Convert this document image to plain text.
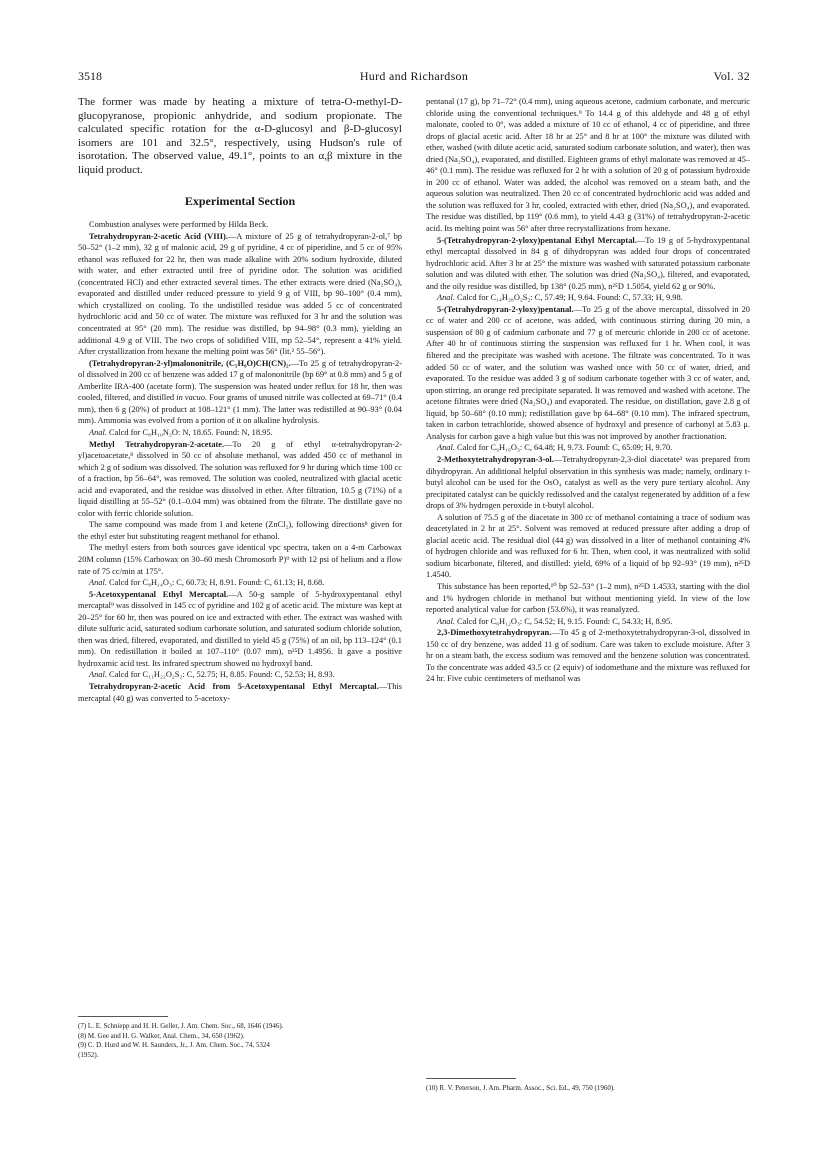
3518	Hurd and Richardson	Vol. 32

The former was made by heating a mixture of tetra-O-methyl-D-glucopyranose, propionic anhydride, and sodium propionate. The calculated specific rotation for the α-D-glucosyl and β-D-glucosyl isomers are 101 and 32.5°, respectively, using Hudson's rule of isorotation. The observed value, 49.1°, points to an α,β mixture in the liquid product.

Experimental Section

Combustion analyses were performed by Hilda Beck.

Tetrahydropyran-2-acetic Acid (VIII).—A mixture of 25 g of tetrahydropyran-2-ol,⁷ bp 50–52° (1–2 mm), 32 g of malonic acid, 29 g of pyridine, 4 cc of piperidine, and 5 cc of 95% ethanol was refluxed for 22 hr, then was made alkaline with 20% sodium hydroxide, diluted with water, and ether extracted until free of pyridine odor. The solution was acidified (concentrated HCl) and ether extracted several times. The ether extracts were dried (Na₂SO₄), evaporated and distilled under reduced pressure to yield 9 g of VIII, bp 90–100° (0.4 mm), which crystallized on cooling. To the undistilled residue was added 5 cc of concentrated hydrochloric acid and 50 cc of water. The mixture was refluxed for 3 hr and the solution was concentrated at 95° (20 mm). The residue was distilled, bp 94–98° (0.3 mm), yielding an additional 4.9 g of VIII. The two crops of solidified VIII, mp 52–54°, represent a 41% yield. After crystallization from hexane the melting point was 56° (lit.² 55–56°).

(Tetrahydropyran-2-yl)malononitrile, (C₅H₉O)CH(CN)₂.—To 25 g of tetrahydropyran-2-ol dissolved in 200 cc of benzene was added 17 g of malononitrile (bp 69° at 0.8 mm) and 5 g of Amberlite IRA-400 (acetate form). The suspension was heated under reflux for 18 hr, then was cooled, filtered, and distilled in vacuo. Four grams of unused nitrile was collected at 69–71° (0.4 mm), then 6 g (20%) of product at 108–121° (1 mm). The latter was redistilled at 90–93° (0.04 mm). Ammonia was evolved from a portion of it on alkaline hydrolysis.

Anal. Calcd for C₈H₁₀N₂O: N, 18.65. Found: N, 18.95.

Methyl Tetrahydropyran-2-acetate.—To 20 g of ethyl α-tetrahydropyran-2-yl)acetoacetate,⁸ dissolved in 50 cc of absolute methanol, was added 450 cc of methanol in which 2 g of sodium was dissolved. The solution was refluxed for 9 hr during which time 100 cc of a fraction, bp 56–64°, was removed. The solution was cooled, neutralized with glacial acetic acid and evaporated, and the residue was dissolved in ether. After filtration, 10.5 g (71%) of a liquid distilling at 55–52° (0.1–0.04 mm) was obtained from the filtrate. The distillate gave no color with ferric chloride solution.

The same compound was made from I and ketene (ZnCl₂), following directions⁸ given for the ethyl ester but substituting reagent methanol for ethanol.

The methyl esters from both sources gave identical vpc spectra, taken on a 4-m Carbowax 20M column (15% Carbowax on 30–60 mesh Chromosorb P)⁹ with 12 psi of helium and a flow rate of 75 cc/min at 175°.

Anal. Calcd for C₈H₁₄O₃: C, 60.73; H, 8.91. Found: C, 61.13; H, 8.68.

5-Acetoxypentanal Ethyl Mercaptal.—A 50-g sample of 5-hydroxypentanal ethyl mercaptal⁹ was dissolved in 145 cc of pyridine and 102 g of acetic acid. The mixture was kept at 20–25° for 60 hr, then was poured on ice and extracted with ether. The extract was washed with dilute sulfuric acid, saturated sodium carbonate solution, and saturated sodium chloride solution, then was dried, filtered, evaporated, and distilled to yield 45 g (75%) of an oil, bp 113–124° (0.1 mm). On redistillation it boiled at 107–110° (0.07 mm), n²⁵D 1.4956. It gave a positive hydroxamic acid test. Its infrared spectrum showed no hydroxyl band.

Anal. Calcd for C₁₁H₂₂O₂S₂: C, 52.75; H, 8.85. Found: C, 52.53; H, 8.93.

Tetrahydropyran-2-acetic Acid from 5-Acetoxypentanal Ethyl Mercaptal.—This mercaptal (40 g) was converted to 5-acetoxy-

pentanal (17 g), bp 71–72° (0.4 mm), using aqueous acetone, cadmium carbonate, and mercuric chloride using the conventional techniques.⁹ To 14.4 g of this aldehyde and 48 g of ethyl malonate, cooled to 0°, was added a mixture of 10 cc of ethanol, 4 cc of piperidine, and three drops of glacial acetic acid. After 18 hr at 25° and 8 hr at 100° the mixture was diluted with ether, washed (with dilute acetic acid, saturated sodium carbonate solution, and water), then was dried (Na₂SO₄), evaporated, and distilled. Eighteen grams of ethyl malonate was removed at 45–46° (0.1 mm). The residue was refluxed for 2 hr with a solution of 20 g of potassium hydroxide in 200 cc of ethanol. Water was added, the alcohol was removed on a steam bath, and the aqueous solution was neutralized. Then 20 cc of concentrated hydrochloric acid was added and the solution was refluxed for 3 hr, cooled, extracted with ether, dried (Na₂SO₄), and evaporated. The residue was distilled, bp 119° (0.6 mm), to yield 4.43 g (31%) of tetrahydropyran-2-acetic acid. Its melting point was 56° after three recrystallizations from hexane.

5-(Tetrahydropyran-2-yloxy)pentanal Ethyl Mercaptal.—To 19 g of 5-hydroxypentanal ethyl mercaptal dissolved in 84 g of dihydropyran was added four drops of concentrated hydrochloric acid. After 3 hr at 25° the mixture was washed with saturated potassium carbonate solution and was diluted with ether. The solution was dried (Na₂SO₄), filtered, and evaporated, and the oily residue was distilled, bp 138° (0.25 mm), n²⁵D 1.5054, yield 62 g or 90%.

Anal. Calcd for C₁₄H₂₈O₂S₂: C, 57.49; H, 9.64. Found: C, 57.33; H, 9.98.

5-(Tetrahydropyran-2-yloxy)pentanal.—To 25 g of the above mercaptal, dissolved in 20 cc of water and 200 cc of acetone, was added, with continuous stirring during 20 min, a suspension of 80 g of cadmium carbonate and 77 g of mercuric chloride in 200 cc of acetone. After 40 hr of continuous stirring the suspension was refluxed for 1 hr. When cool, it was filtered and the precipitate was washed with acetone. The filtrate was concentrated. To it was added 50 cc of water, and the solution was washed once with 50 cc of water, dried, and evaporated. To the residue was added 3 g of sodium carbonate together with 3 cc of water, and, upon stirring, an orange red precipitate separated. It was removed and washed with acetone. The acetone filtrates were dried (Na₂SO₄) and evaporated. The residue, on distillation, gave 2.8 g of liquid, bp 50–68° (0.10 mm); redistillation gave bp 64–68° (0.10 mm). The infrared spectrum, taken in carbon tetrachloride, showed absence of hydroxyl and presence of carbonyl at 5.83 μ. Analysis for carbon gave a high value but this was not improved by another fractionation.

Anal. Calcd for C₉H₁₆O₃: C, 64.48; H, 9.73. Found: C, 65.09; H, 9.70.

2-Methoxytetrahydropyran-3-ol.—Tetrahydropyran-2,3-diol diacetate³ was prepared from dihydropyran. An additional helpful observation in this synthesis was made; namely, ordinary t-butyl alcohol can be used for the OsO₄ catalyst as well as the very pure tertiary alcohol. Any precipitated catalyst can be quickly redissolved and the catalyst regenerated by addition of a few drops of 3% hydrogen peroxide in t-butyl alcohol.

A solution of 75.5 g of the diacetate in 300 cc of methanol containing a trace of sodium was deacetylated in 2 hr at 25°. Solvent was removed at reduced pressure after adding a drop of glacial acetic acid. The residual diol (44 g) was dissolved in a liter of methanol containing 4% of hydrogen chloride and was refluxed for 6 hr. Then, when cool, it was neutralized with solid sodium bicarbonate, filtered, and distilled: yield, 69% of a liquid of bp 92–93° (19 mm), n²⁵D 1.4540.

This substance has been reported,¹⁰ bp 52–53° (1–2 mm), n²⁵D 1.4533, starting with the diol and 1% hydrogen chloride in methanol but without mentioning yield. In view of the low reported analytical value for carbon (53.6%), it was reanalyzed.

Anal. Calcd for C₆H₁₂O₃: C, 54.52; H, 9.15. Found: C, 54.33; H, 8.95.

2,3-Dimethoxytetrahydropyran.—To 45 g of 2-methoxytetrahydropyran-3-ol, dissolved in 150 cc of dry benzene, was added 11 g of sodium. Care was taken to exclude moisture. After 3 hr on a steam bath, the excess sodium was removed and the benzene solution was concentrated. To the concentrate was added 43.5 cc (2 equiv) of iodomethane and the mixture was refluxed for 24 hr. Five cubic centimeters of methanol was

(7) L. E. Schniepp and H. H. Geller, J. Am. Chem. Soc., 68, 1646 (1946).

(8) M. Gee and H. G. Walker, Anal. Chem., 34, 650 (1962).

(9) C. D. Hurd and W. H. Saunders, Jr., J. Am. Chem. Soc., 74, 5324

(1952).

(10) R. V. Peterson, J. Am. Pharm. Assoc., Sci. Ed., 49, 750 (1960).
